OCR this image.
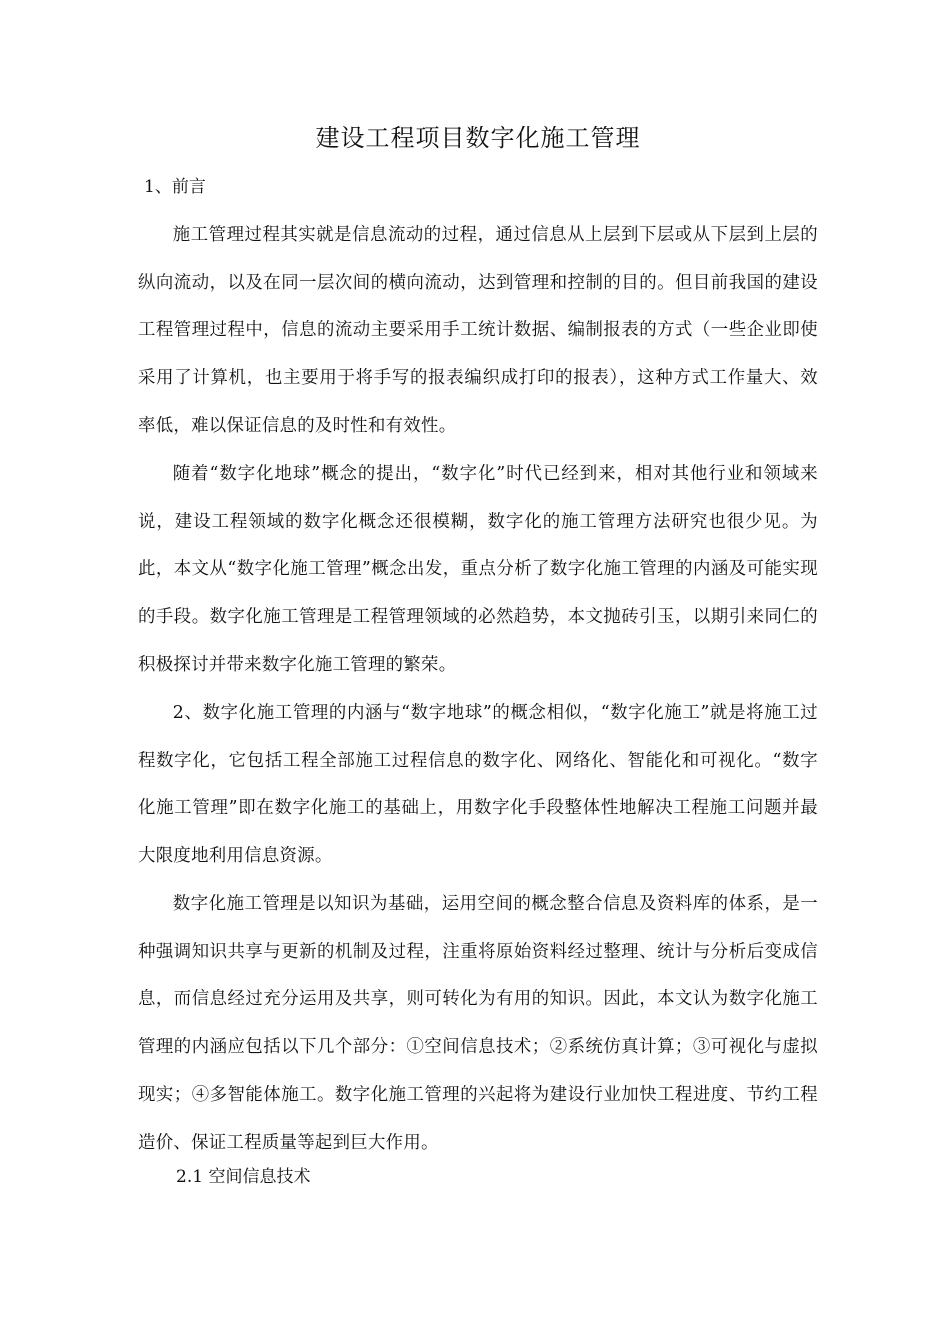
建设工程项目数字化施工管理
1、前言
施工管理过程其实就是信息流动的过程，通过信息从上层到下层或从下层到上层的纵向流动，以及在同一层次间的横向流动，达到管理和控制的目的。但目前我国的建设工程管理过程中，信息的流动主要采用手工统计数据、编制报表的方式（一些企业即使采用了计算机，也主要用于将手写的报表编织成打印的报表），这种方式工作量大、效率低，难以保证信息的及时性和有效性。
随着“数字化地球”概念的提出，“数字化”时代已经到来，相对其他行业和领域来说，建设工程领域的数字化概念还很模糊，数字化的施工管理方法研究也很少见。为此，本文从“数字化施工管理”概念出发，重点分析了数字化施工管理的内涵及可能实现的手段。数字化施工管理是工程管理领域的必然趋势，本文抛砖引玉，以期引来同仁的积极探讨并带来数字化施工管理的繁荣。
2、数字化施工管理的内涵与“数字地球”的概念相似，“数字化施工”就是将施工过程数字化，它包括工程全部施工过程信息的数字化、网络化、智能化和可视化。“数字化施工管理”即在数字化施工的基础上，用数字化手段整体性地解决工程施工问题并最大限度地利用信息资源。
数字化施工管理是以知识为基础，运用空间的概念整合信息及资料库的体系，是一种强调知识共享与更新的机制及过程，注重将原始资料经过整理、统计与分析后变成信息，而信息经过充分运用及共享，则可转化为有用的知识。因此，本文认为数字化施工管理的内涵应包括以下几个部分：①空间信息技术；②系统仿真计算；③可视化与虚拟现实；④多智能体施工。数字化施工管理的兴起将为建设行业加快工程进度、节约工程造价、保证工程质量等起到巨大作用。
2.1 空间信息技术
